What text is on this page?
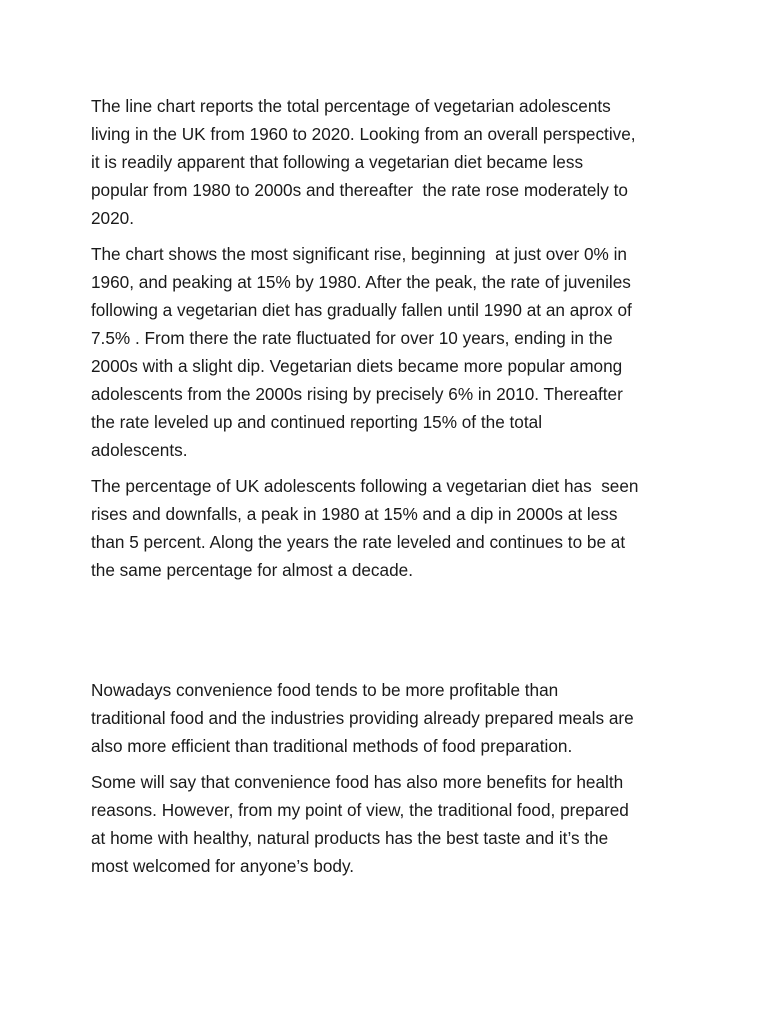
The line chart reports the total percentage of vegetarian adolescents
living in the UK from 1960 to 2020. Looking from an overall perspective,
it is readily apparent that following a vegetarian diet became less
popular from 1980 to 2000s and thereafter  the rate rose moderately to
2020.

The chart shows the most significant rise, beginning  at just over 0% in
1960, and peaking at 15% by 1980. After the peak, the rate of juveniles
following a vegetarian diet has gradually fallen until 1990 at an aprox of
7.5% . From there the rate fluctuated for over 10 years, ending in the
2000s with a slight dip. Vegetarian diets became more popular among
adolescents from the 2000s rising by precisely 6% in 2010. Thereafter
the rate leveled up and continued reporting 15% of the total
adolescents.

The percentage of UK adolescents following a vegetarian diet has  seen
rises and downfalls, a peak in 1980 at 15% and a dip in 2000s at less
than 5 percent. Along the years the rate leveled and continues to be at
the same percentage for almost a decade.

Nowadays convenience food tends to be more profitable than
traditional food and the industries providing already prepared meals are
also more efficient than traditional methods of food preparation.

Some will say that convenience food has also more benefits for health
reasons. However, from my point of view, the traditional food, prepared
at home with healthy, natural products has the best taste and it’s the
most welcomed for anyone’s body.
